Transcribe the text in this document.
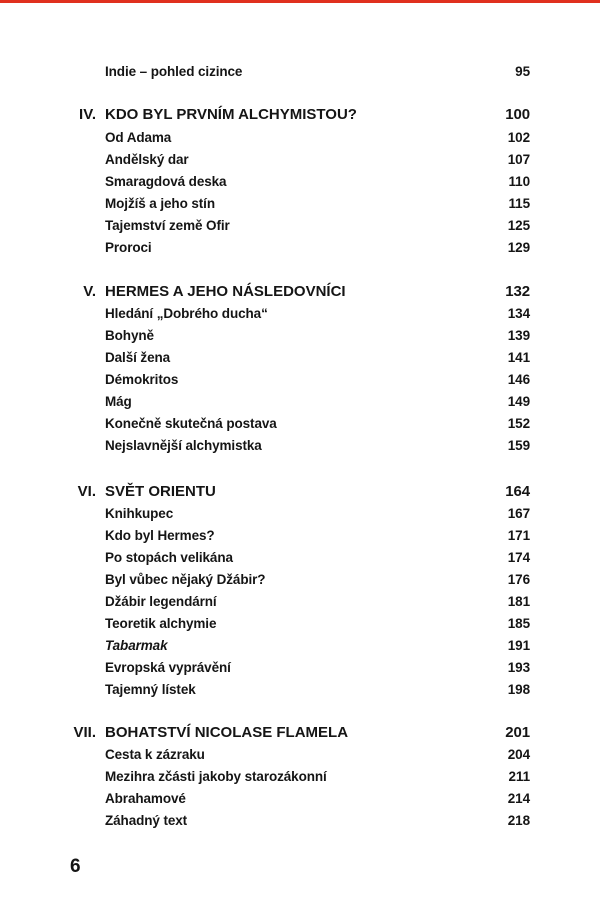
Indie – pohled cizince	95
IV. KDO BYL PRVNÍM ALCHYMISTOU?	100
Od Adama	102
Andělský dar	107
Smaragdová deska	110
Mojžíš a jeho stín	115
Tajemství země Ofir	125
Proroci	129
V. HERMES A JEHO NÁSLEDOVNÍCI	132
Hledání „Dobrého ducha“	134
Bohyně	139
Další žena	141
Démokritos	146
Mág	149
Konečně skutečná postava	152
Nejslavnější alchymistka	159
VI. SVĚT ORIENTU	164
Knihkupec	167
Kdo byl Hermes?	171
Po stopách velikána	174
Byl vůbec nějaký Džábir?	176
Džábir legendární	181
Teoretik alchymie	185
Tabarmak	191
Evropská vyprávění	193
Tajemný lístek	198
VII. BOHATSTVÍ NICOLASE FLAMELA	201
Cesta k zázraku	204
Mezihra zčásti jakoby starozákonní	211
Abrahamové	214
Záhadný text	218
6
